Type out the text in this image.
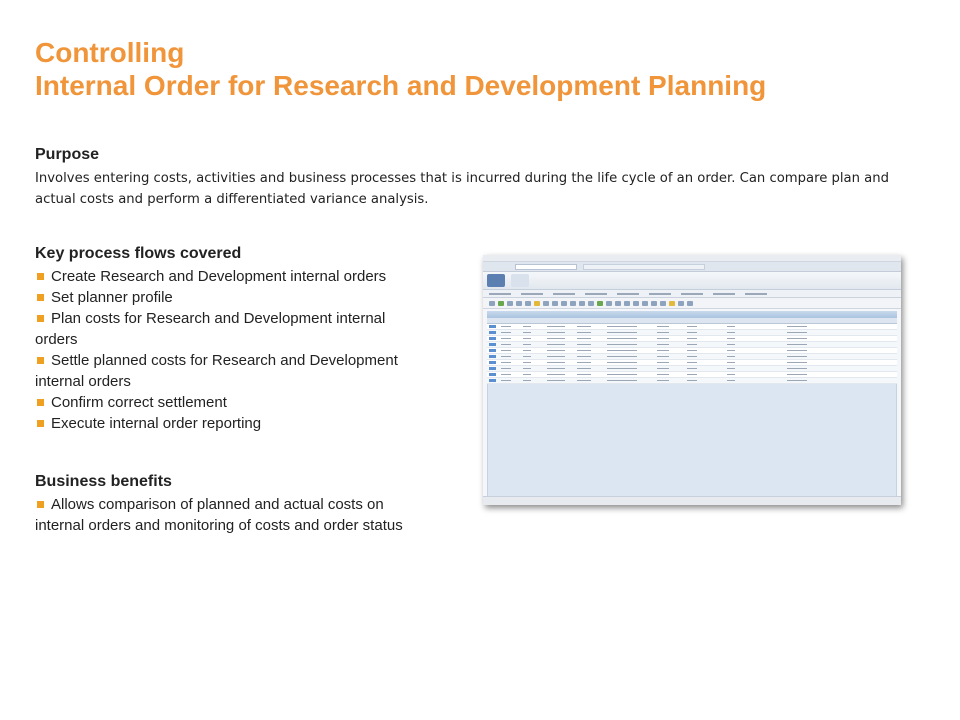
Controlling
Internal Order for Research and Development Planning
Purpose
Involves entering costs, activities and business processes that is incurred during the life cycle of an order. Can compare plan and actual costs and perform a differentiated variance analysis.
Key process flows covered
Create Research and Development internal orders
Set planner profile
Plan costs for Research and Development internal orders
Settle planned costs for Research and Development internal orders
Confirm correct settlement
Execute internal order reporting
Business benefits
Allows comparison of planned and actual costs on internal orders and monitoring of costs and order status
